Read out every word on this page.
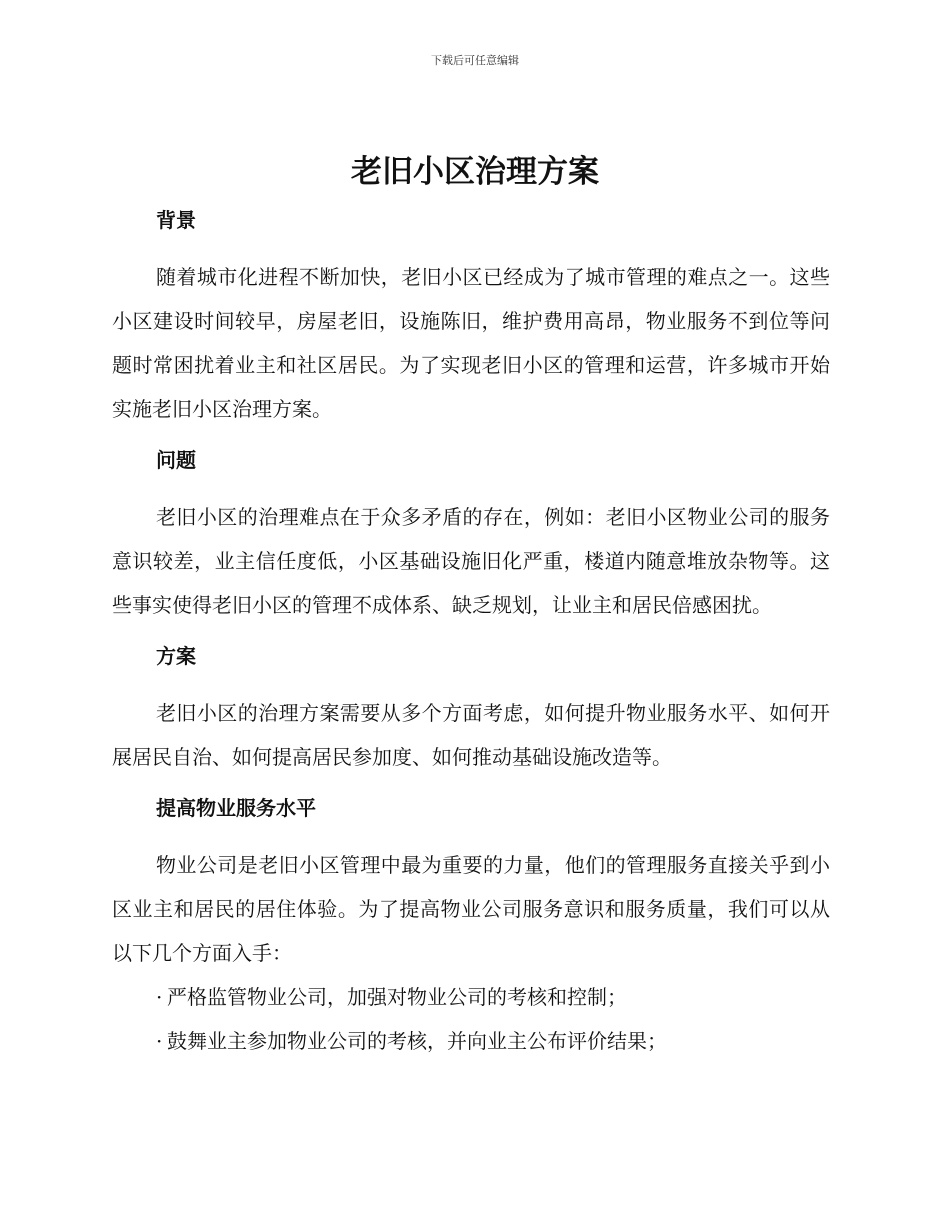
下载后可任意编辑
老旧小区治理方案
背景

随着城市化进程不断加快，老旧小区已经成为了城市管理的难点之一。这些小区建设时间较早，房屋老旧，设施陈旧，维护费用高昂，物业服务不到位等问题时常困扰着业主和社区居民。为了实现老旧小区的管理和运营，许多城市开始实施老旧小区治理方案。

问题

老旧小区的治理难点在于众多矛盾的存在，例如：老旧小区物业公司的服务意识较差，业主信任度低，小区基础设施旧化严重，楼道内随意堆放杂物等。这些事实使得老旧小区的管理不成体系、缺乏规划，让业主和居民倍感困扰。

方案

老旧小区的治理方案需要从多个方面考虑，如何提升物业服务水平、如何开展居民自治、如何提高居民参加度、如何推动基础设施改造等。

提高物业服务水平

物业公司是老旧小区管理中最为重要的力量，他们的管理服务直接关乎到小区业主和居民的居住体验。为了提高物业公司服务意识和服务质量，我们可以从以下几个方面入手：

· 严格监管物业公司，加强对物业公司的考核和控制；

· 鼓舞业主参加物业公司的考核，并向业主公布评价结果；
